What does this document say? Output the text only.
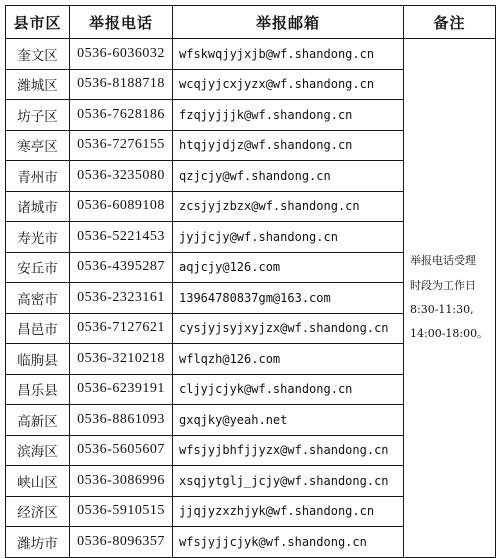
县市区	举报电话	举报邮箱	备注
奎文区	0536-6036032	wfskwqjyjxjb@wf.shandong.cn	举报电话受理
时段为工作日
8:30-11:30,
14:00-18:00。

潍城区	0536-8188718	wcqjyjcxjyzx@wf.shandong.cn	
坊子区	0536-7628186	fzqjyjjjk@wf.shandong.cn	
寒亭区	0536-7276155	htqjyjdjz@wf.shandong.cn	
青州市	0536-3235080	qzjcjy@wf.shandong.cn	
诸城市	0536-6089108	zcsjyjzbzx@wf.shandong.cn	
寿光市	0536-5221453	jyjjcjy@wf.shandong.cn	
安丘市	0536-4395287	aqjcjy@126.com	
高密市	0536-2323161	13964780837gm@163.com	
昌邑市	0536-7127621	cysjyjsyjxyjzx@wf.shandong.cn	
临朐县	0536-3210218	wflqzh@126.com	
昌乐县	0536-6239191	cljyjcjyk@wf.shandong.cn	
高新区	0536-8861093	gxqjky@yeah.net	
滨海区	0536-5605607	wfsjyjbhfjjyzx@wf.shandong.cn	
峡山区	0536-3086996	xsqjytglj_jcjy@wf.shandong.cn	
经济区	0536-5910515	jjqjyzxzhjyk@wf.shandong.cn	
潍坊市	0536-8096357	wfsjyjjcjyk@wf.shandong.cn	
